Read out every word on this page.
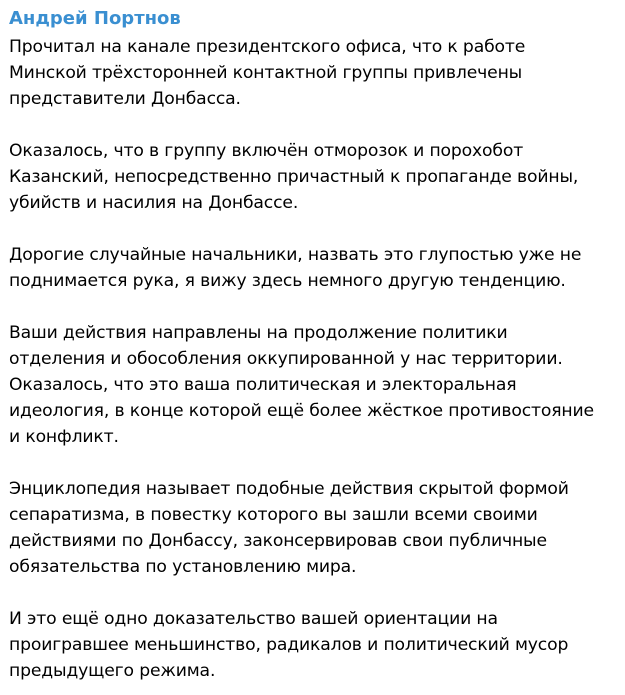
Андрей Портнов
Прочитал на канале президентского офиса, что к работе
Минской трёхсторонней контактной группы привлечены
представители Донбасса.
Оказалось, что в группу включён отморозок и порохобот
Казанский, непосредственно причастный к пропаганде войны,
убийств и насилия на Донбассе.
Дорогие случайные начальники, назвать это глупостью уже не
поднимается рука, я вижу здесь немного другую тенденцию.
Ваши действия направлены на продолжение политики
отделения и обособления оккупированной у нас территории.
Оказалось, что это ваша политическая и электоральная
идеология, в конце которой ещё более жёсткое противостояние
и конфликт.
Энциклопедия называет подобные действия скрытой формой
сепаратизма, в повестку которого вы зашли всеми своими
действиями по Донбассу, законсервировав свои публичные
обязательства по установлению мира.
И это ещё одно доказательство вашей ориентации на
проигравшее меньшинство, радикалов и политический мусор
предыдущего режима.
